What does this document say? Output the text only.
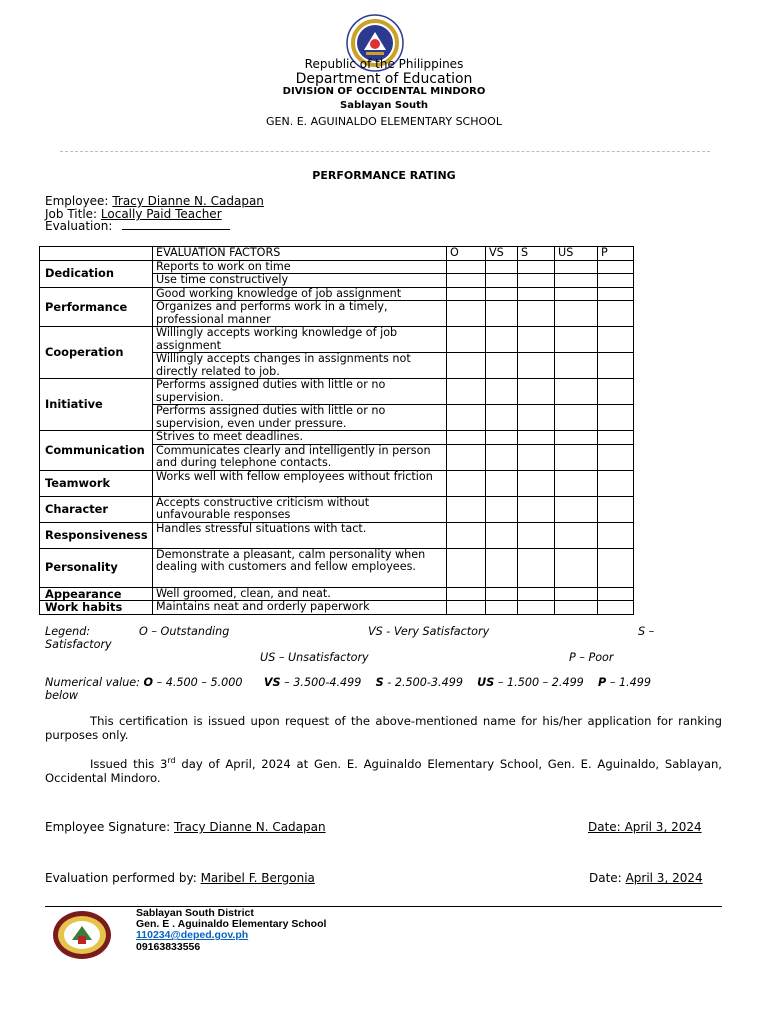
Republic of the Philippines
Department of Education
DIVISION OF OCCIDENTAL MINDORO
Sablayan South
GEN. E. AGUINALDO ELEMENTARY SCHOOL
PERFORMANCE RATING
Employee: Tracy Dianne N. Cadapan
Job Title: Locally Paid Teacher
Evaluation:
	EVALUATION FACTORS	O	VS	S	US	P
Dedication	Reports to work on time					
	Use time constructively					
Performance	Good working knowledge of job assignment					
	Organizes and performs work in a timely, professional manner					
Cooperation	Willingly accepts working knowledge of job assignment					
	Willingly accepts changes in assignments not directly related to job.					
Initiative	Performs assigned duties with little or no supervision.					
	Performs assigned duties with little or no supervision, even under pressure.					
Communication	Strives to meet deadlines.					
	Communicates clearly and intelligently in person and during telephone contacts.					
Teamwork	Works well with fellow employees without friction					
Character	Accepts constructive criticism without unfavourable responses					
Responsiveness	Handles stressful situations with tact.					
Personality	Demonstrate a pleasant, calm personality when dealing with customers and fellow employees.					
Appearance	Well groomed, clean, and neat.					
Work habits	Maintains neat and orderly paperwork					
Legend:	O – Outstanding	VS - Very Satisfactory	S –
Satisfactory
US – Unsatisfactory	P – Poor
Numerical value: O – 4.500 – 5.000 VS – 3.500-4.499 S - 2.500-3.499 US – 1.500 – 2.499 P – 1.499
below
This certification is issued upon request of the above-mentioned name for his/her application for ranking purposes only.
Issued this 3rd day of April, 2024 at Gen. E. Aguinaldo Elementary School, Gen. E. Aguinaldo, Sablayan, Occidental Mindoro.
Employee Signature: Tracy Dianne N. Cadapan	Date: April 3, 2024
Evaluation performed by: Maribel F. Bergonia	Date: April 3, 2024
Sablayan South District
Gen. E . Aguinaldo Elementary School
110234@deped.gov.ph
09163833556
